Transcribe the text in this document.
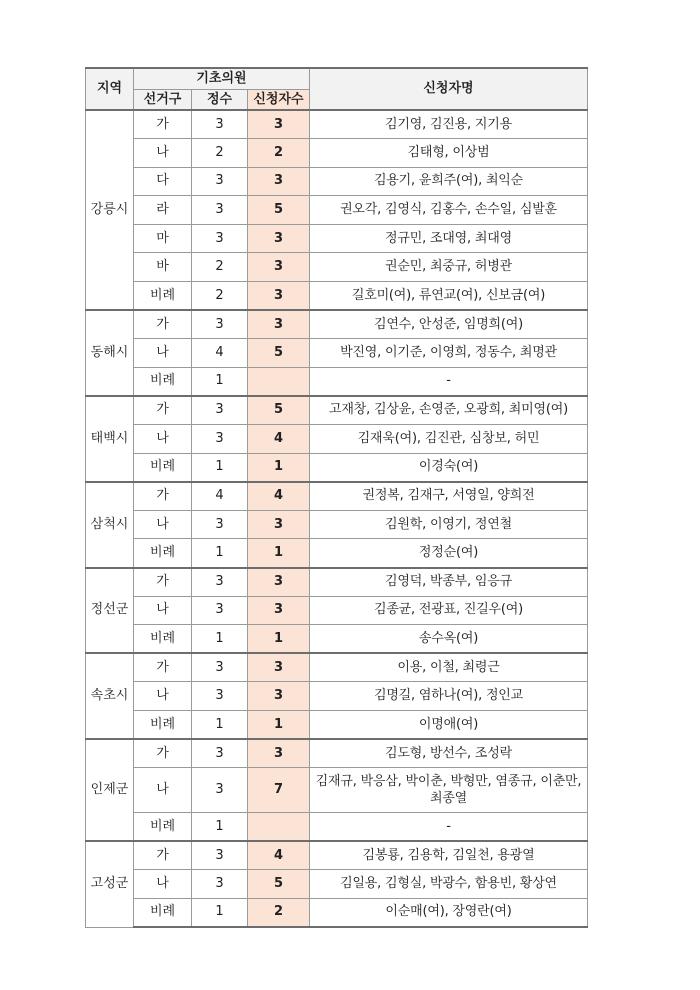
지역	기초의원			신청자명
	선거구	정수	신청자수	
강릉시	가	3	3	김기영, 김진용, 지기용
	나	2	2	김태형, 이상범
	다	3	3	김용기, 윤희주(여), 최익순
	라	3	5	권오각, 김영식, 김홍수, 손수일, 심발훈
	마	3	3	정규민, 조대영, 최대영
	바	2	3	권순민, 최중규, 허병관
	비례	2	3	길호미(여), 류연교(여), 신보금(여)
동해시	가	3	3	김연수, 안성준, 임명희(여)
	나	4	5	박진영, 이기준, 이영희, 정동수, 최명관
	비례	1		-
태백시	가	3	5	고재창, 김상윤, 손영준, 오광희, 최미영(여)
	나	3	4	김재욱(여), 김진관, 심창보, 허민
	비례	1	1	이경숙(여)
삼척시	가	4	4	권정복, 김재구, 서영일, 양희전
	나	3	3	김원학, 이영기, 정연철
	비례	1	1	정정순(여)
정선군	가	3	3	김영덕, 박종부, 임응규
	나	3	3	김종균, 전광표, 진길우(여)
	비례	1	1	송수옥(여)
속초시	가	3	3	이용, 이철, 최령근
	나	3	3	김명길, 염하나(여), 정인교
	비례	1	1	이명애(여)
인제군	가	3	3	김도형, 방선수, 조성락
	나	3	7	김재규, 박응삼, 박이춘, 박형만, 염종규, 이춘만, 최종열
	비례	1		-
고성군	가	3	4	김봉룡, 김용학, 김일천, 용광열
	나	3	5	김일용, 김형실, 박광수, 함용빈, 황상연
	비례	1	2	이순매(여), 장영란(여)
